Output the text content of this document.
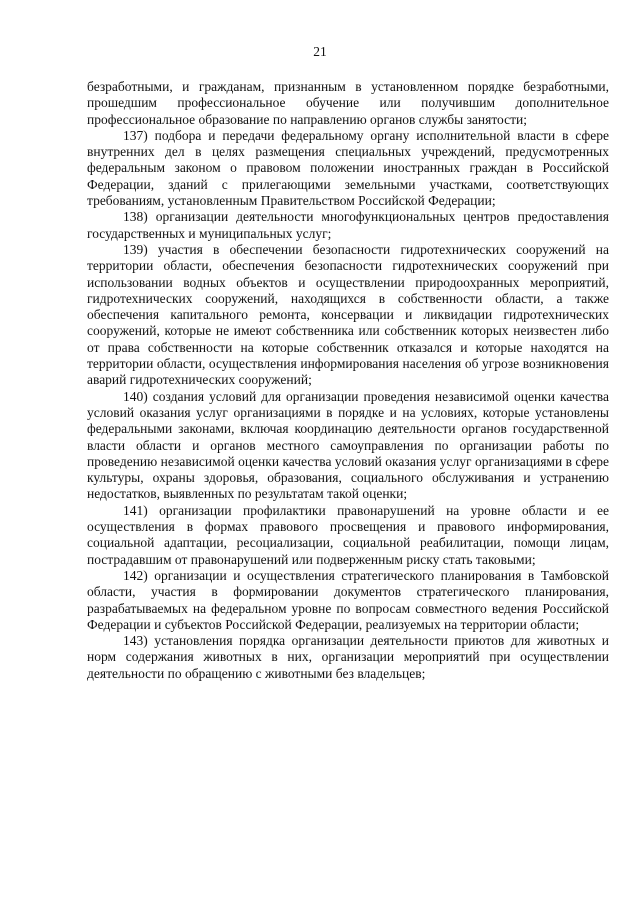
21

безработными, и гражданам, признанным в установленном порядке безработными, прошедшим профессиональное обучение или получившим дополнительное профессиональное образование по направлению органов службы занятости;

137) подбора и передачи федеральному органу исполнительной власти в сфере внутренних дел в целях размещения специальных учреждений, предусмотренных федеральным законом о правовом положении иностранных граждан в Российской Федерации, зданий с прилегающими земельными участками, соответствующих требованиям, установленным Правительством Российской Федерации;

138) организации деятельности многофункциональных центров предоставления государственных и муниципальных услуг;

139) участия в обеспечении безопасности гидротехнических сооружений на территории области, обеспечения безопасности гидротехнических сооружений при использовании водных объектов и осуществлении природоохранных мероприятий, гидротехнических сооружений, находящихся в собственности области, а также обеспечения капитального ремонта, консервации и ликвидации гидротехнических сооружений, которые не имеют собственника или собственник которых неизвестен либо от права собственности на которые собственник отказался и которые находятся на территории области, осуществления информирования населения об угрозе возникновения аварий гидротехнических сооружений;

140) создания условий для организации проведения независимой оценки качества условий оказания услуг организациями в порядке и на условиях, которые установлены федеральными законами, включая координацию деятельности органов государственной власти области и органов местного самоуправления по организации работы по проведению независимой оценки качества условий оказания услуг организациями в сфере культуры, охраны здоровья, образования, социального обслуживания и устранению недостатков, выявленных по результатам такой оценки;

141) организации профилактики правонарушений на уровне области и ее осуществления в формах правового просвещения и правового информирования, социальной адаптации, ресоциализации, социальной реабилитации, помощи лицам, пострадавшим от правонарушений или подверженным риску стать таковыми;

142) организации и осуществления стратегического планирования в Тамбовской области, участия в формировании документов стратегического планирования, разрабатываемых на федеральном уровне по вопросам совместного ведения Российской Федерации и субъектов Российской Федерации, реализуемых на территории области;

143) установления порядка организации деятельности приютов для животных и норм содержания животных в них, организации мероприятий при осуществлении деятельности по обращению с животными без владельцев;
